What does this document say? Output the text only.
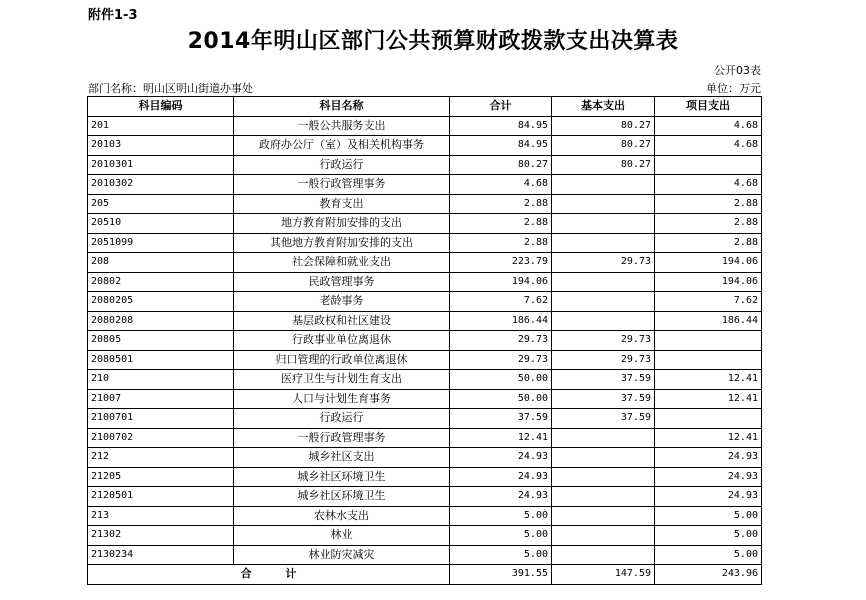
附件1-3
2014年明山区部门公共预算财政拨款支出决算表
公开03表
部门名称：明山区明山街道办事处	单位：万元
科目编码	科目名称	合计	基本支出	项目支出
201	一般公共服务支出	84.95	80.27	4.68
20103	政府办公厅（室）及相关机构事务	84.95	80.27	4.68
2010301	行政运行	80.27	80.27	
2010302	一般行政管理事务	4.68		4.68
205	教育支出	2.88		2.88
20510	地方教育附加安排的支出	2.88		2.88
2051099	其他地方教育附加安排的支出	2.88		2.88
208	社会保障和就业支出	223.79	29.73	194.06
20802	民政管理事务	194.06		194.06
2080205	老龄事务	7.62		7.62
2080208	基层政权和社区建设	186.44		186.44
20805	行政事业单位离退休	29.73	29.73	
2080501	归口管理的行政单位离退休	29.73	29.73	
210	医疗卫生与计划生育支出	50.00	37.59	12.41
21007	人口与计划生育事务	50.00	37.59	12.41
2100701	行政运行	37.59	37.59	
2100702	一般行政管理事务	12.41		12.41
212	城乡社区支出	24.93		24.93
21205	城乡社区环境卫生	24.93		24.93
2120501	城乡社区环境卫生	24.93		24.93
213	农林水支出	5.00		5.00
21302	林业	5.00		5.00
2130234	林业防灾减灾	5.00		5.00
合 计		391.55	147.59	243.96
